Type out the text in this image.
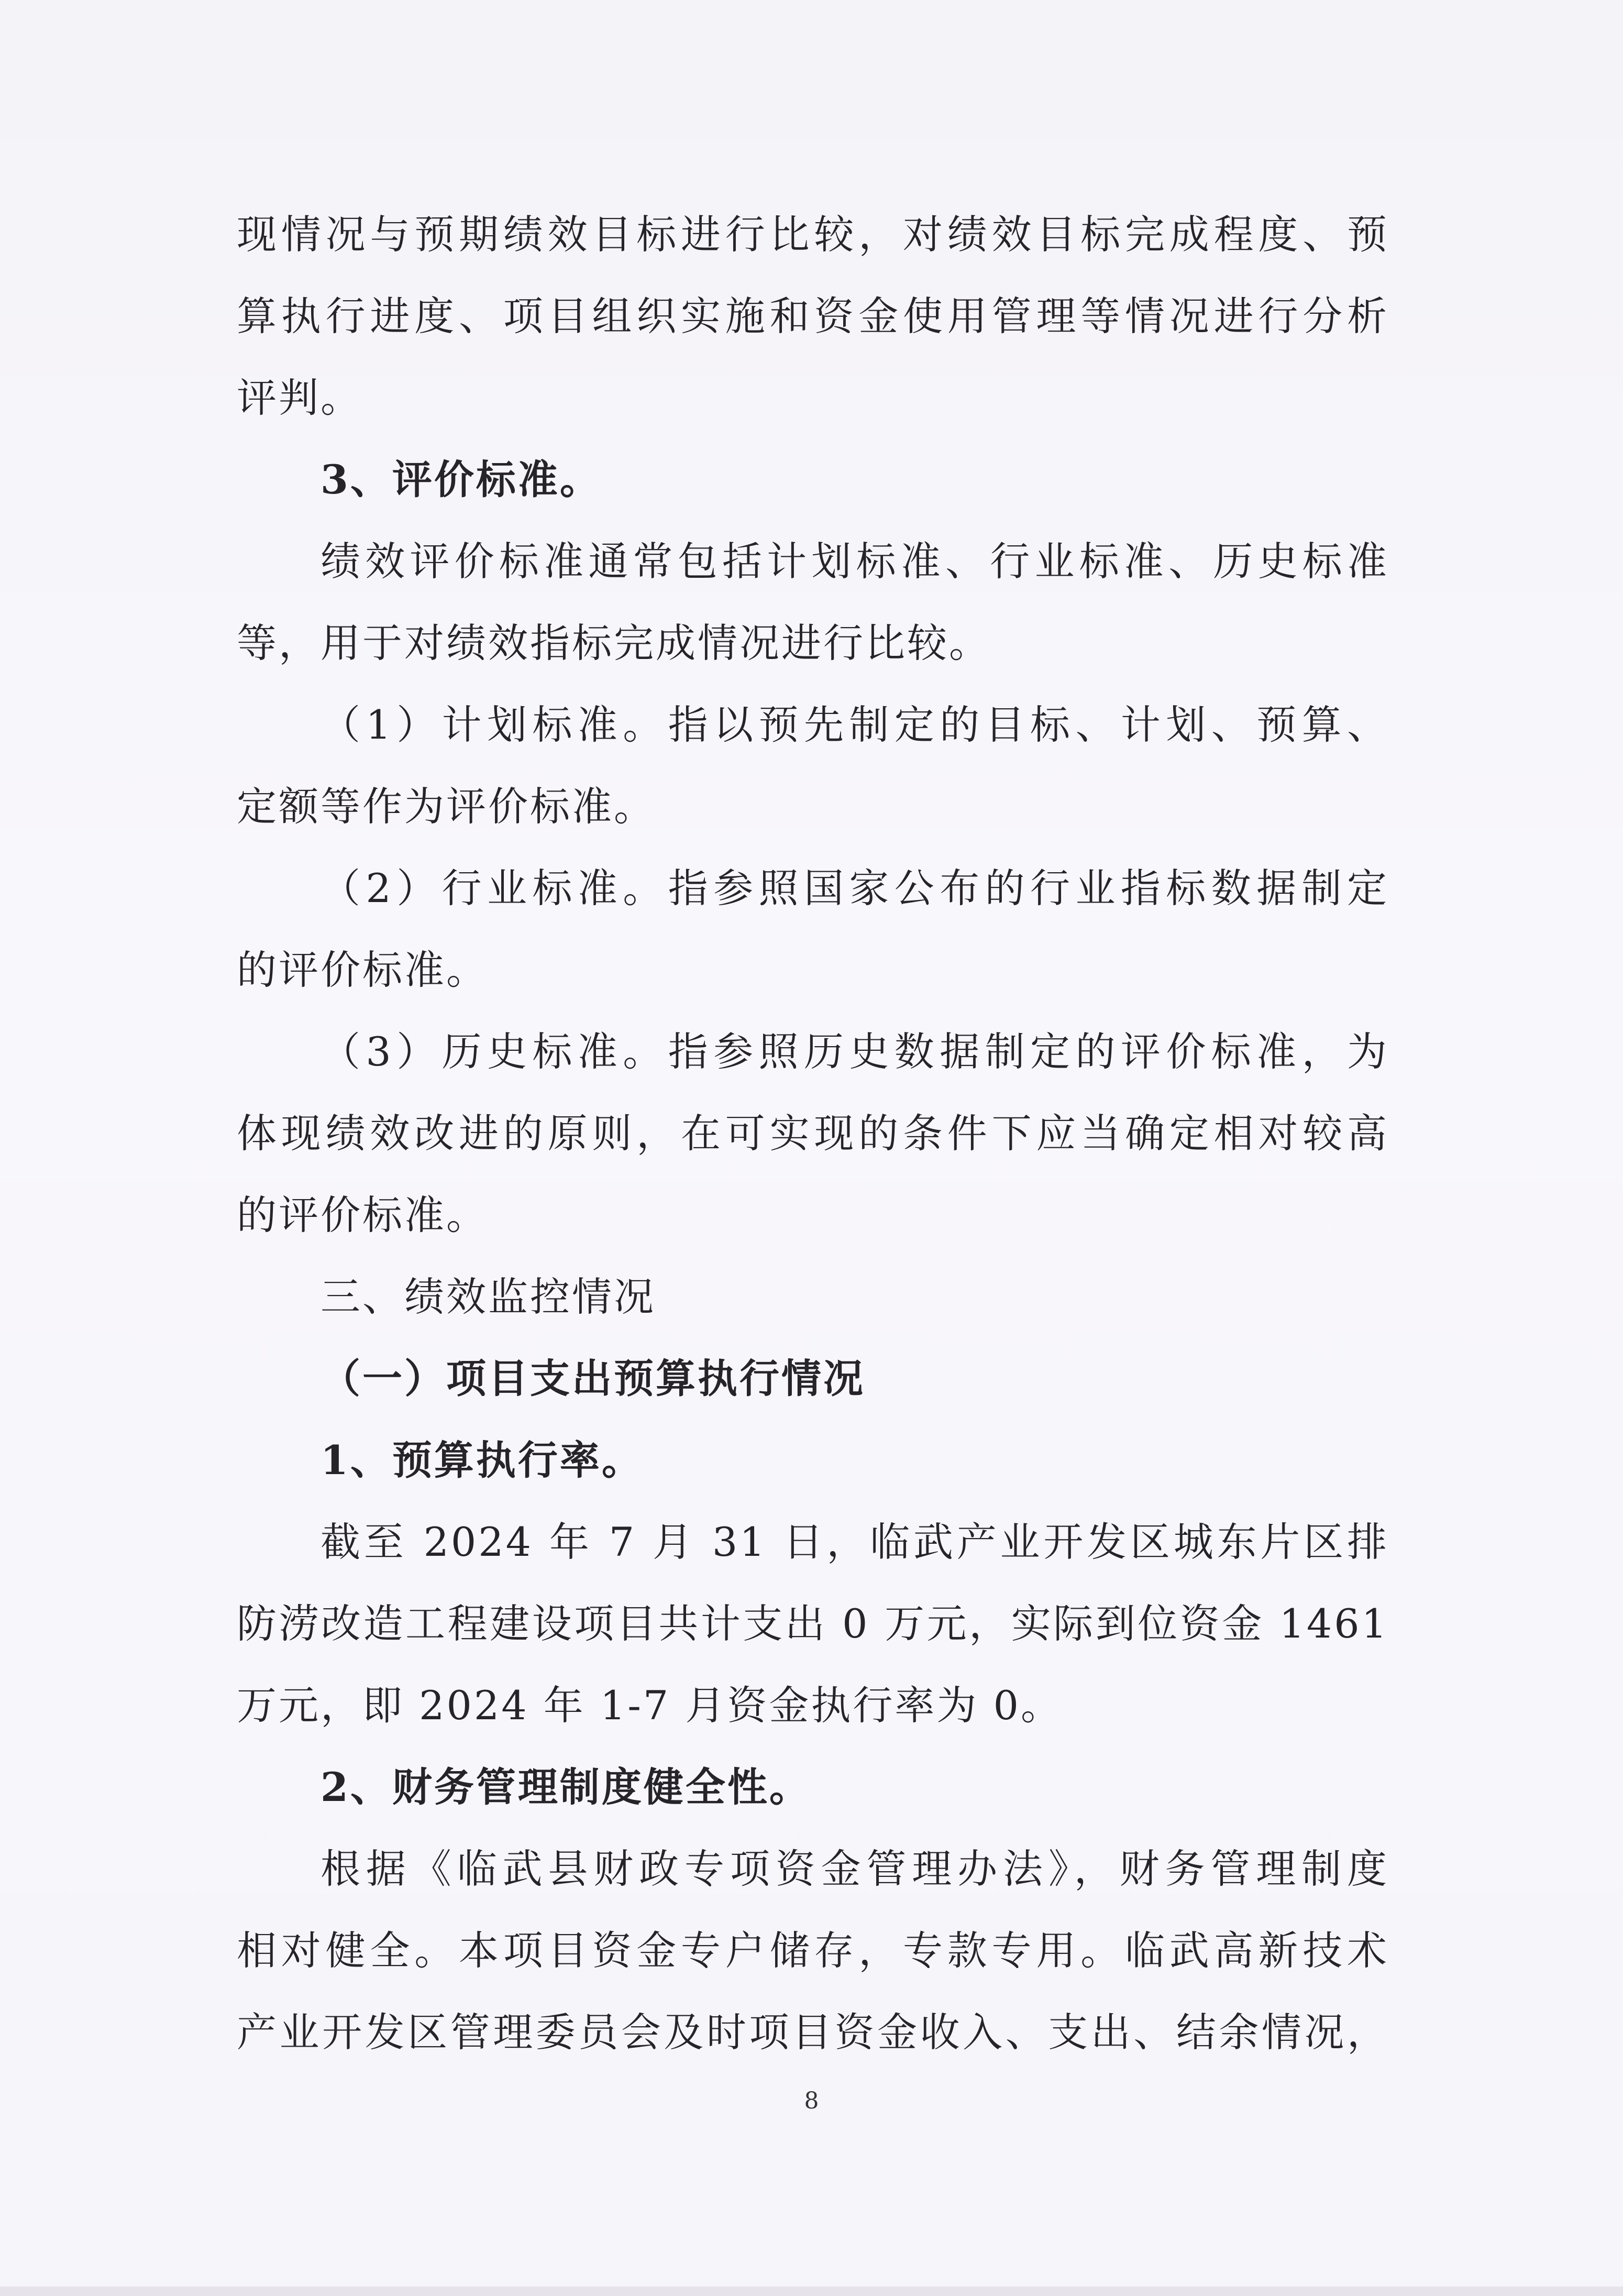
现情况与预期绩效目标进行比较，对绩效目标完成程度、预
算执行进度、项目组织实施和资金使用管理等情况进行分析
评判。
3、评价标准。
绩效评价标准通常包括计划标准、行业标准、历史标准
等，用于对绩效指标完成情况进行比较。
（1）计划标准。指以预先制定的目标、计划、预算、
定额等作为评价标准。
（2）行业标准。指参照国家公布的行业指标数据制定
的评价标准。
（3）历史标准。指参照历史数据制定的评价标准，为
体现绩效改进的原则，在可实现的条件下应当确定相对较高
的评价标准。
三、绩效监控情况
（一）项目支出预算执行情况
1、预算执行率。
截至 2024 年 7 月 31 日，临武产业开发区城东片区排
防涝改造工程建设项目共计支出 0 万元，实际到位资金 1461
万元，即 2024 年 1-7 月资金执行率为 0。
2、财务管理制度健全性。
根据《临武县财政专项资金管理办法》，财务管理制度
相对健全。本项目资金专户储存，专款专用。临武高新技术
产业开发区管理委员会及时项目资金收入、支出、结余情况，
8
